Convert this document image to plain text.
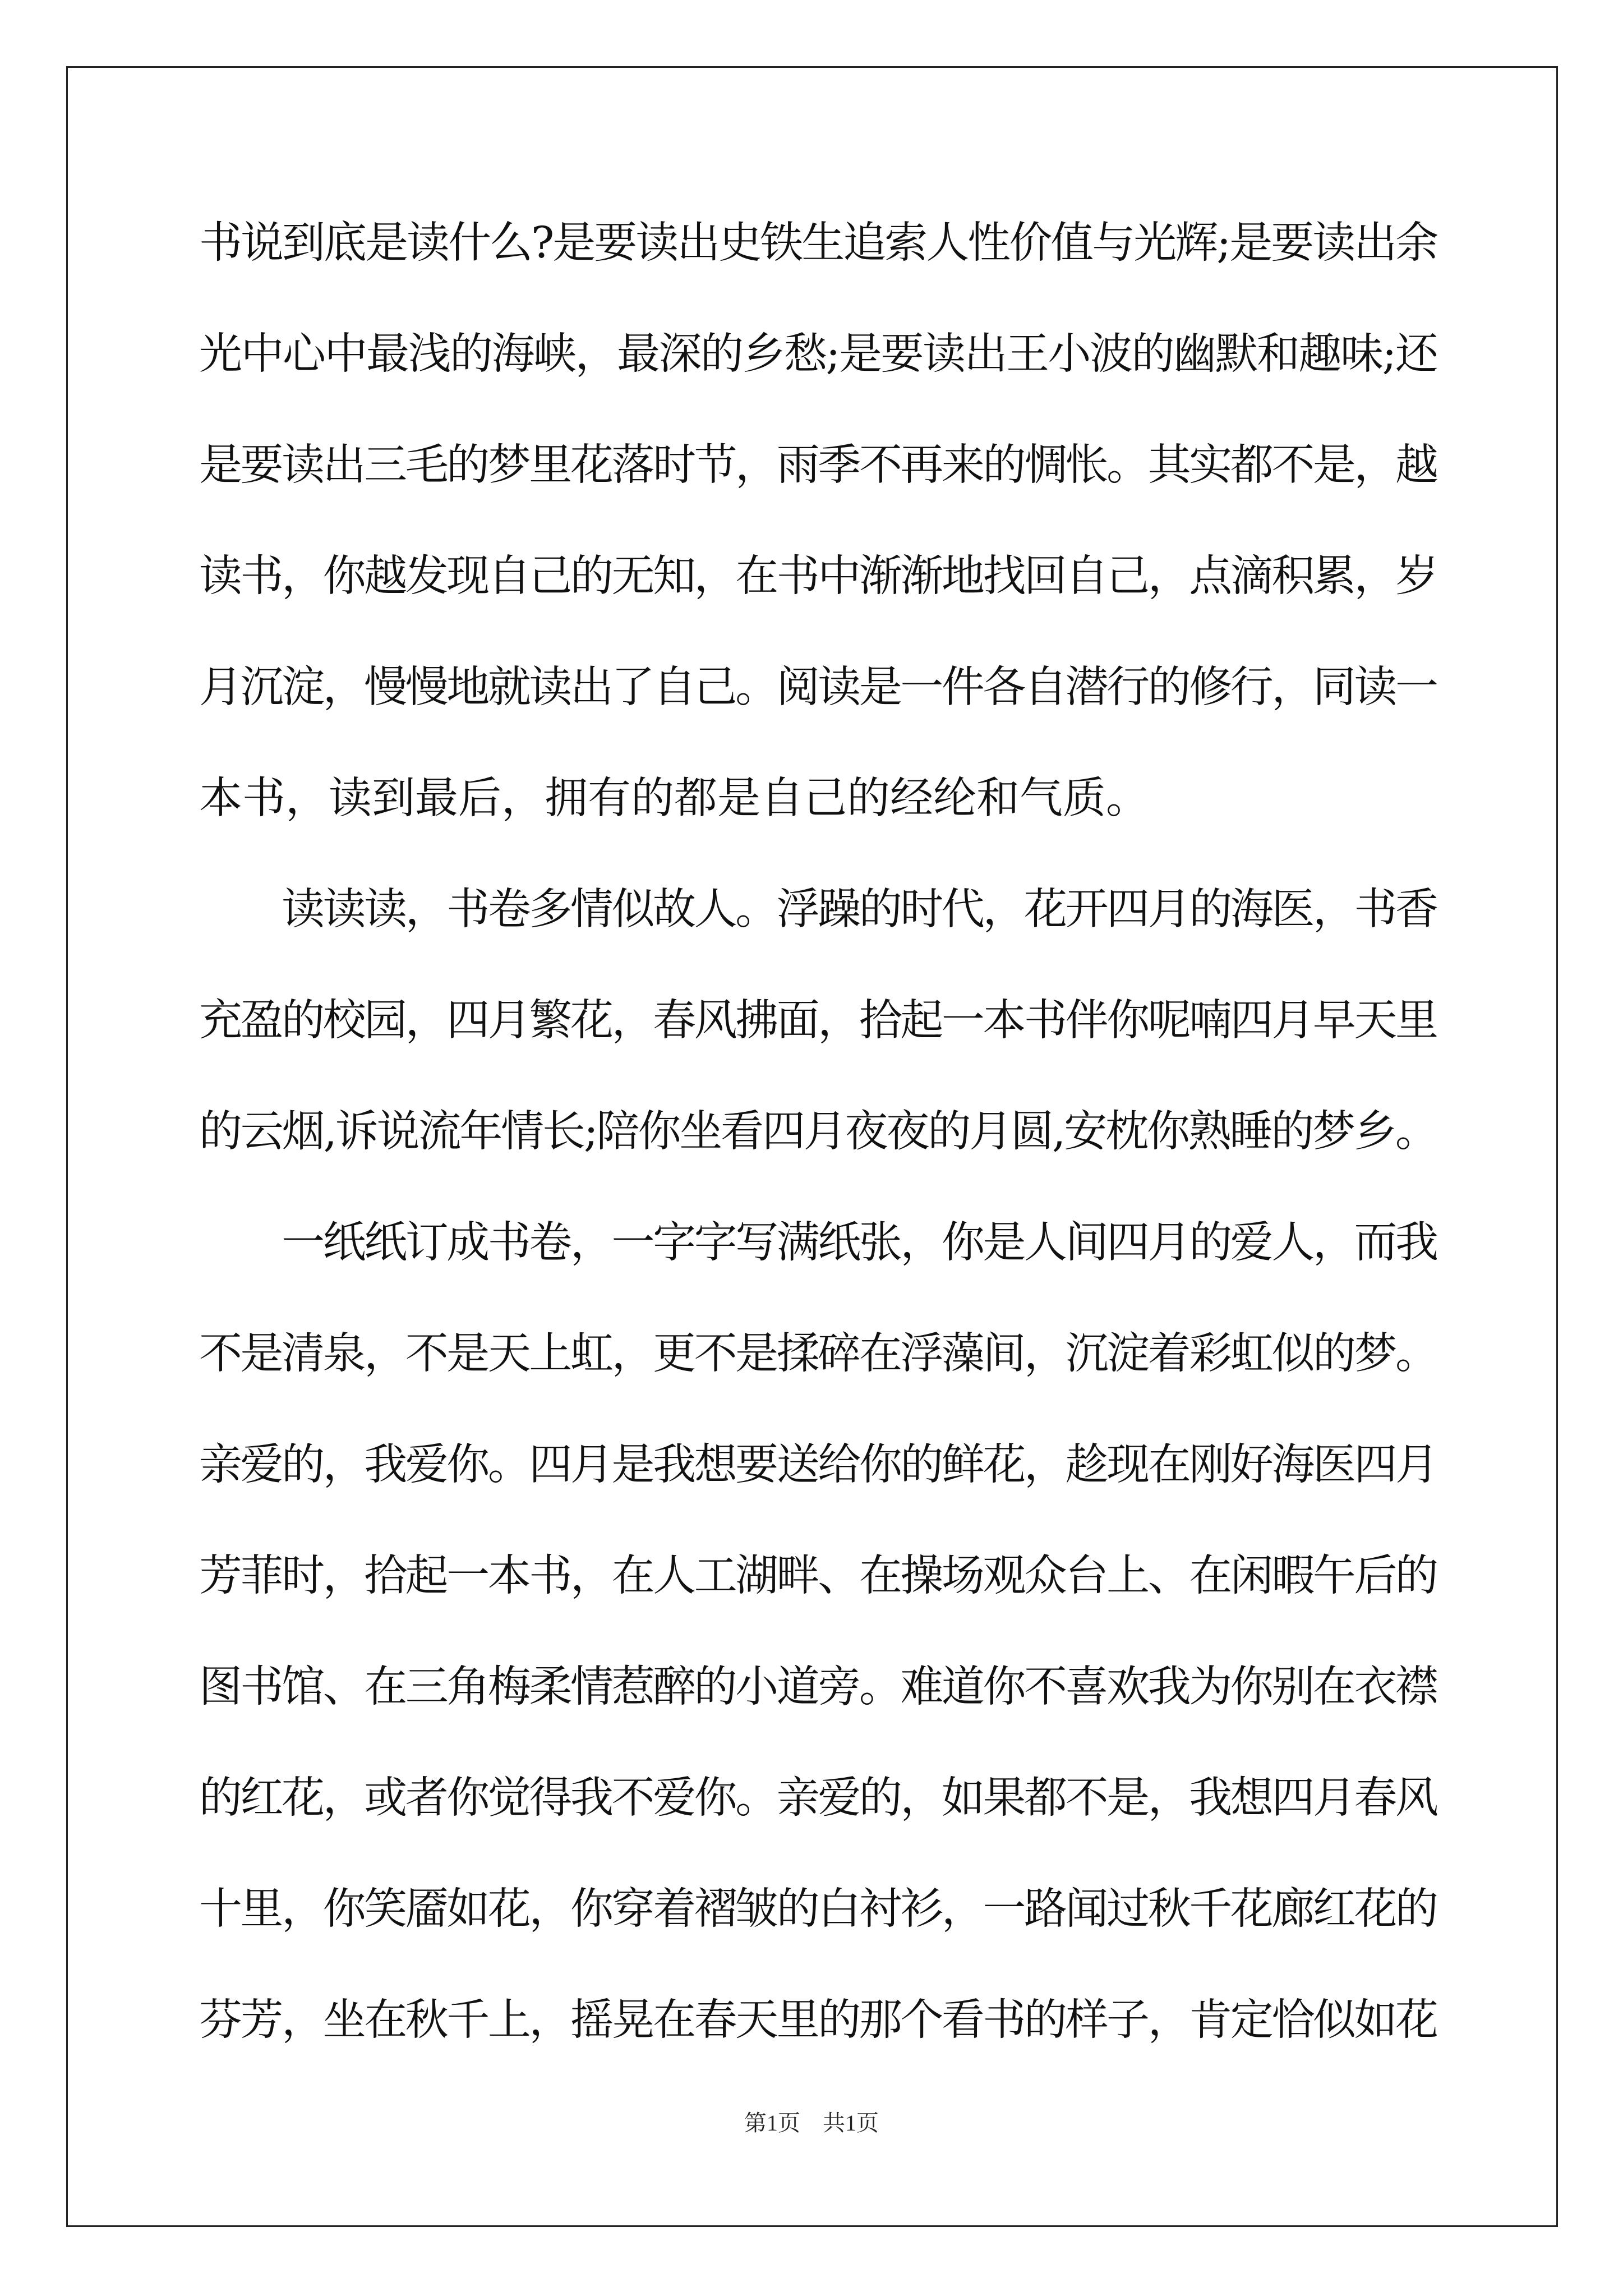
书说到底是读什么?是要读出史铁生追索人性价值与光辉;是要读出余
光中心中最浅的海峡，最深的乡愁;是要读出王小波的幽默和趣味;还
是要读出三毛的梦里花落时节，雨季不再来的惆怅。其实都不是，越
读书，你越发现自己的无知，在书中渐渐地找回自己，点滴积累，岁
月沉淀，慢慢地就读出了自己。阅读是一件各自潜行的修行，同读一
本书，读到最后，拥有的都是自己的经纶和气质。
　　读读读，书卷多情似故人。浮躁的时代，花开四月的海医，书香
充盈的校园，四月繁花，春风拂面，拾起一本书伴你呢喃四月早天里
的云烟,诉说流年情长;陪你坐看四月夜夜的月圆,安枕你熟睡的梦乡。
　　一纸纸订成书卷，一字字写满纸张，你是人间四月的爱人，而我
不是清泉，不是天上虹，更不是揉碎在浮藻间，沉淀着彩虹似的梦。
亲爱的，我爱你。四月是我想要送给你的鲜花，趁现在刚好海医四月
芳菲时，拾起一本书，在人工湖畔、在操场观众台上、在闲暇午后的
图书馆、在三角梅柔情惹醉的小道旁。难道你不喜欢我为你别在衣襟
的红花，或者你觉得我不爱你。亲爱的，如果都不是，我想四月春风
十里，你笑靥如花，你穿着褶皱的白衬衫，一路闻过秋千花廊红花的
芬芳，坐在秋千上，摇晃在春天里的那个看书的样子，肯定恰似如花
第1页　共1页
